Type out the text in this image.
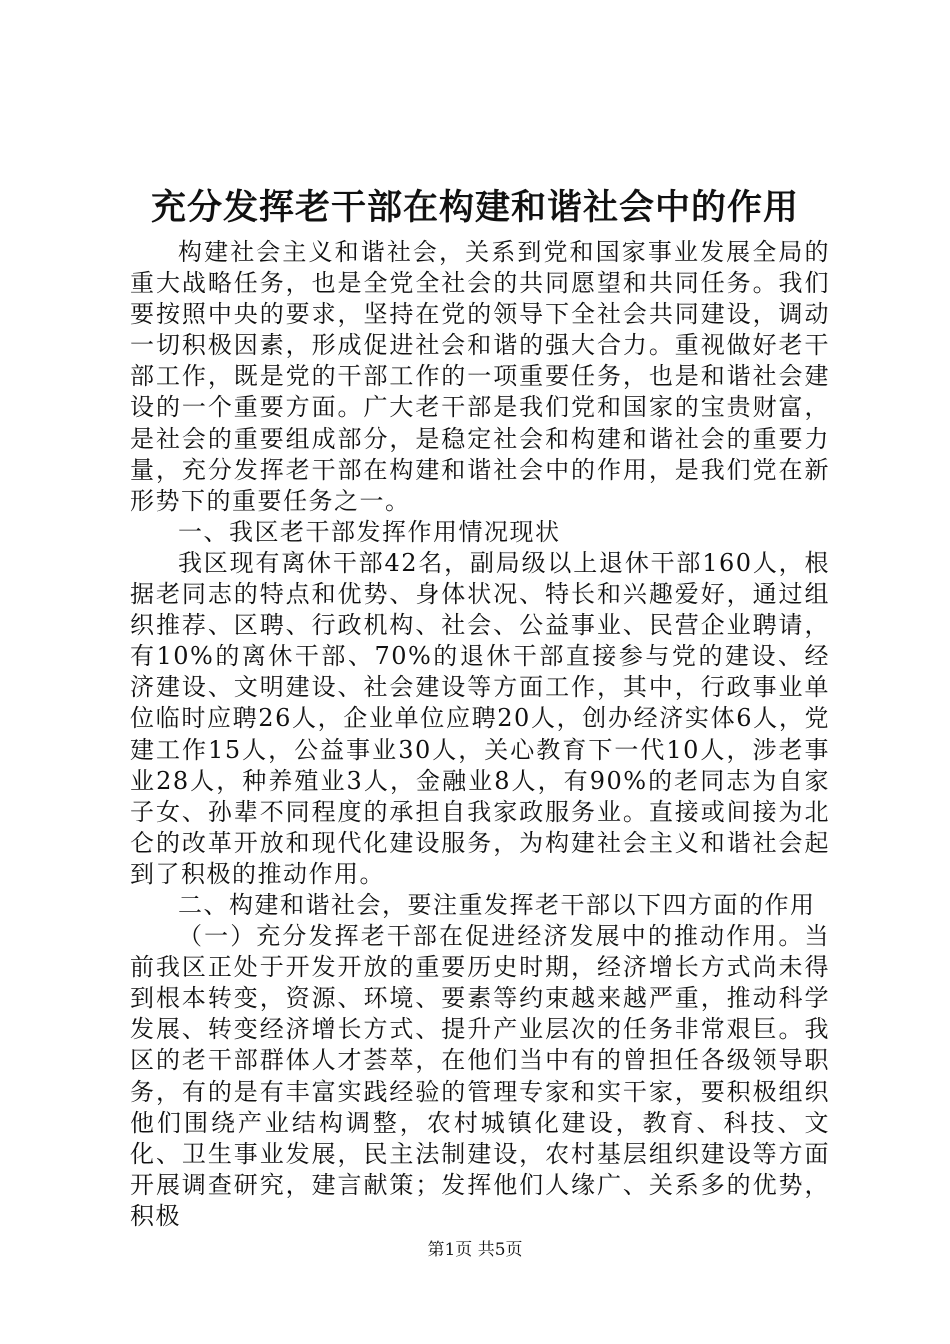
充分发挥老干部在构建和谐社会中的作用

构建社会主义和谐社会，关系到党和国家事业发展全局的重大战略任务，也是全党全社会的共同愿望和共同任务。我们要按照中央的要求，坚持在党的领导下全社会共同建设，调动一切积极因素，形成促进社会和谐的强大合力。重视做好老干部工作，既是党的干部工作的一项重要任务，也是和谐社会建设的一个重要方面。广大老干部是我们党和国家的宝贵财富，是社会的重要组成部分，是稳定社会和构建和谐社会的重要力量，充分发挥老干部在构建和谐社会中的作用，是我们党在新形势下的重要任务之一。

一、我区老干部发挥作用情况现状

我区现有离休干部42名，副局级以上退休干部160人，根据老同志的特点和优势、身体状况、特长和兴趣爱好，通过组织推荐、区聘、行政机构、社会、公益事业、民营企业聘请，有10%的离休干部、70%的退休干部直接参与党的建设、经济建设、文明建设、社会建设等方面工作，其中，行政事业单位临时应聘26人，企业单位应聘20人，创办经济实体6人，党建工作15人，公益事业30人，关心教育下一代10人，涉老事业28人，种养殖业3人，金融业8人，有90%的老同志为自家子女、孙辈不同程度的承担自我家政服务业。直接或间接为北仑的改革开放和现代化建设服务，为构建社会主义和谐社会起到了积极的推动作用。

二、构建和谐社会，要注重发挥老干部以下四方面的作用

（一）充分发挥老干部在促进经济发展中的推动作用。当前我区正处于开发开放的重要历史时期，经济增长方式尚未得到根本转变，资源、环境、要素等约束越来越严重，推动科学发展、转变经济增长方式、提升产业层次的任务非常艰巨。我区的老干部群体人才荟萃，在他们当中有的曾担任各级领导职务，有的是有丰富实践经验的管理专家和实干家，要积极组织他们围绕产业结构调整，农村城镇化建设，教育、科技、文化、卫生事业发展，民主法制建设，农村基层组织建设等方面开展调查研究，建言献策；发挥他们人缘广、关系多的优势，积极

第1页 共5页
